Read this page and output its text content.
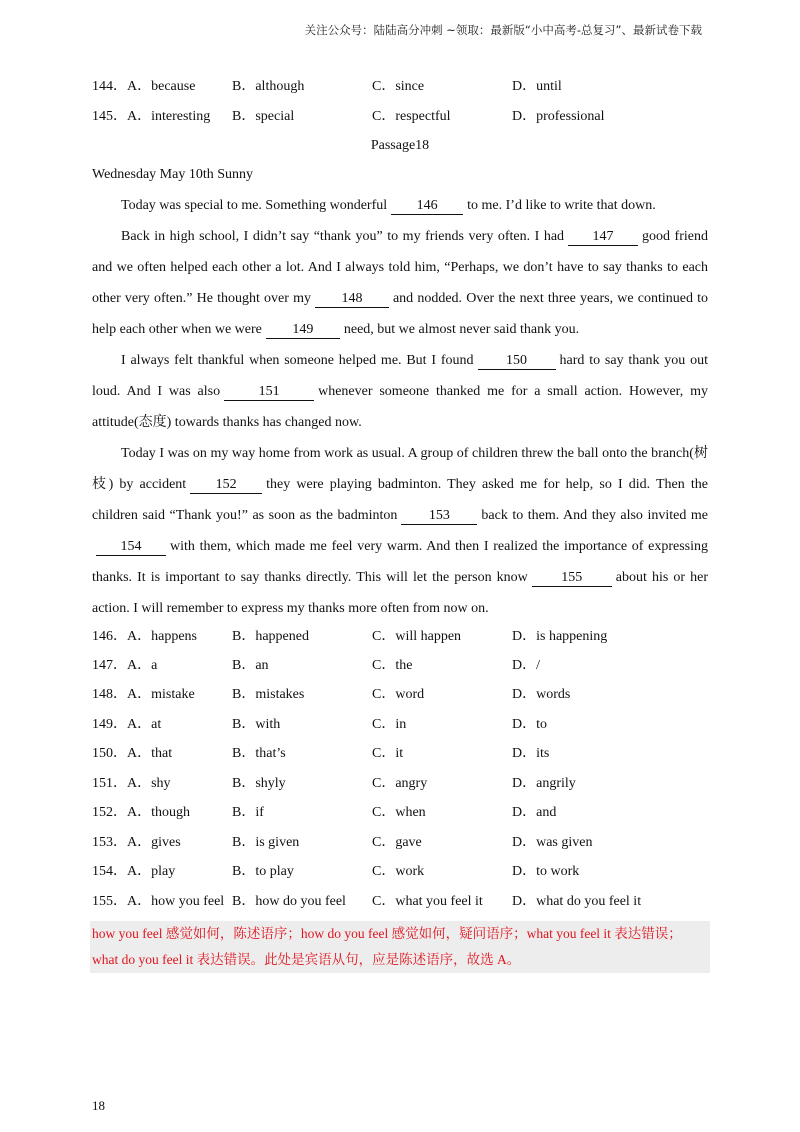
关注公众号：陆陆高分冲刺 ~领取：最新版“小中高考-总复习”、最新试卷下载
144．A．because	B．although	C．since	D．until
145．A．interesting B．special	C．respectful	D．professional
Passage18
Wednesday May 10th Sunny

Today was special to me. Something wonderful 146 to me. I’d like to write that down.

Back in high school, I didn’t say “thank you” to my friends very often. I had 147 good friend and we often helped each other a lot. And I always told him, “Perhaps, we don’t have to say thanks to each other very often.” He thought over my 148 and nodded. Over the next three years, we continued to help each other when we were 149 need, but we almost never said thank you.

I always felt thankful when someone helped me. But I found 150 hard to say thank you out loud. And I was also	151	whenever someone thanked me for a small action. However, my attitude(态度) towards thanks has changed now.

Today I was on my way home from work as usual. A group of children threw the ball onto the branch(树枝) by accident 152 they were playing badminton. They asked me for help, so I did. Then the children said “Thank you!” as soon as the badminton 153 back to them. And they also invited me154 with them, which made me feel very warm. And then I realized the importance of expressing thanks. It is important to say thanks directly. This will let the person know 155 about his or her action. I will remember to express my thanks more often from now on.

146．A．happens	B．happened	C．will happen	D．is happening
147．A．a	B．an	C．the	D．/
148．A．mistake	B．mistakes	C．word	D．words
149．A．at	B．with	C．in	D．to
150．A．that	B．that’s	C．it	D．its
151．A．shy	B．shyly	C．angry	D．angrily
152．A．though	B．if	C．when	D．and
153．A．gives	B．is given	C．gave	D．was given
154．A．play	B．to play	C．work	D．to work
155．A．how you feel B．how do you feel C．what you feel it D．what do you feel it
how you feel 感觉如何，陈述语序；how do you feel 感觉如何，疑问语序；what you feel it 表达错误；
what do you feel it 表达错误。此处是宾语从句，应是陈述语序，故选 A。
18
